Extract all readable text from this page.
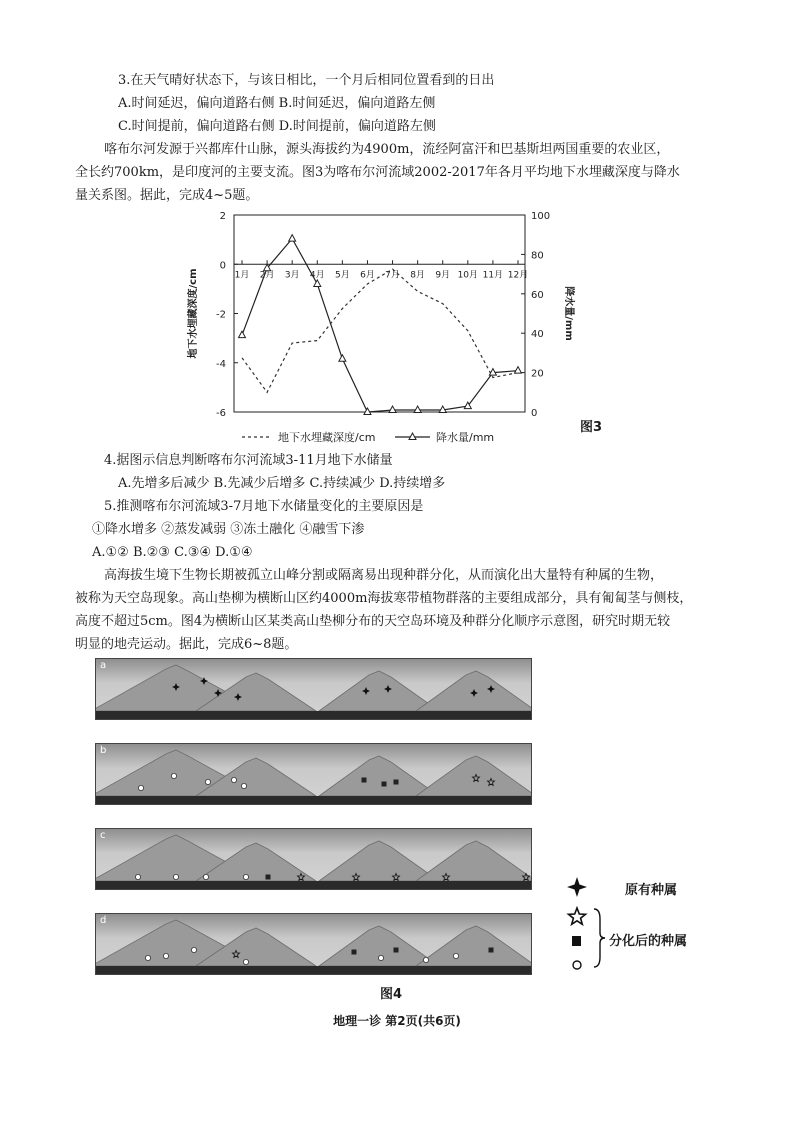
3.在天气晴好状态下，与该日相比，一个月后相同位置看到的日出
A.时间延迟，偏向道路右侧 B.时间延迟，偏向道路左侧
C.时间提前，偏向道路右侧 D.时间提前，偏向道路左侧
喀布尔河发源于兴都库什山脉，源头海拔约为4900m，流经阿富汗和巴基斯坦两国重要的农业区，
全长约700km，是印度河的主要支流。图3为喀布尔河流域2002-2017年各月平均地下水埋藏深度与降水
量关系图。据此，完成4~5题。
2
0
-2
-4
-6
100
80
60
40
20
0
1月 2月 3月 4月 5月 6月 7月 8月 9月 10月 11月 12月
地下水埋藏深度/cm	降水量/mm
地下水埋藏深度/cm	降水量/mm
图3
4.据图示信息判断喀布尔河流域3-11月地下水储量
A.先增多后减少 B.先减少后增多 C.持续减少 D.持续增多
5.推测喀布尔河流域3-7月地下水储量变化的主要原因是
①降水增多 ②蒸发减弱 ③冻土融化 ④融雪下渗
A.①② B.②③ C.③④ D.①④
高海拔生境下生物长期被孤立山峰分割或隔离易出现种群分化，从而演化出大量特有种属的生物，
被称为天空岛现象。高山垫柳为横断山区约4000m海拔寒带植物群落的主要组成部分，具有匍匐茎与侧枝，
高度不超过5cm。图4为横断山区某类高山垫柳分布的天空岛环境及种群分化顺序示意图，研究时期无较
明显的地壳运动。据此，完成6~8题。
a
b
c
d
原有种属
分化后的种属
图4
地理一诊 第2页(共6页)
